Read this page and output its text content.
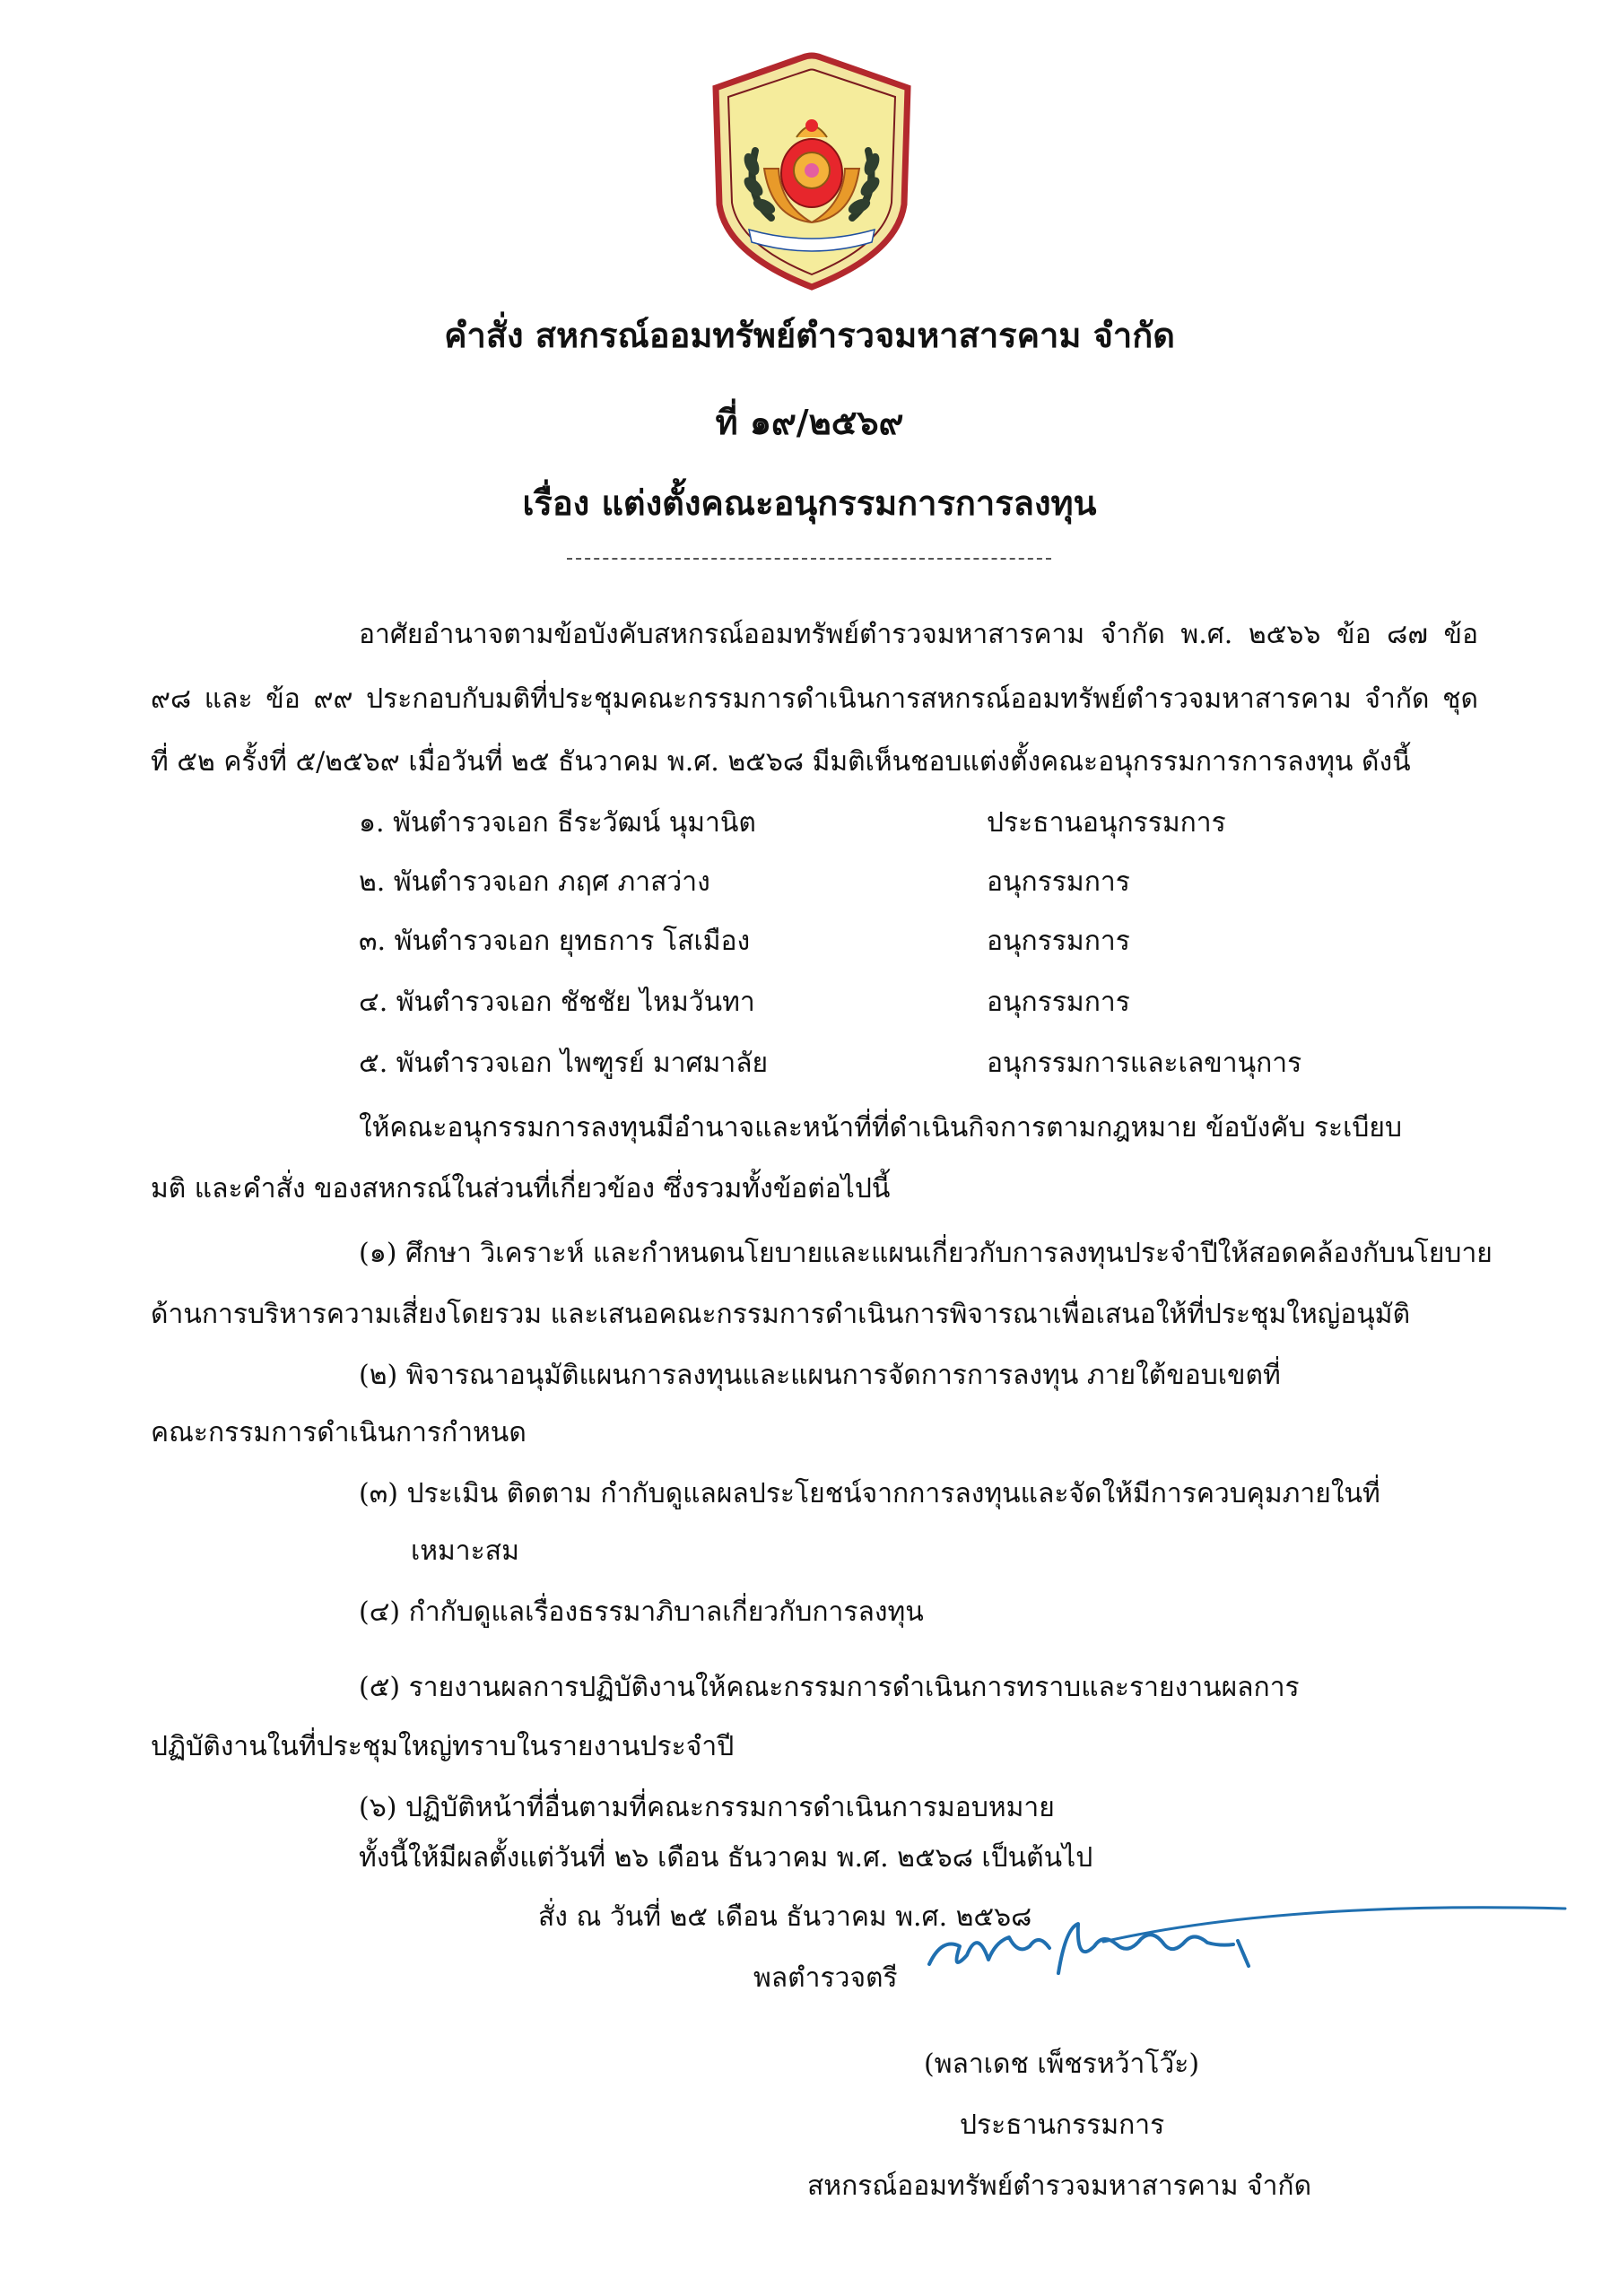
คำสั่ง สหกรณ์ออมทรัพย์ตำรวจมหาสารคาม จำกัด
ที่ ๑๙/๒๕๖๙
เรื่อง แต่งตั้งคณะอนุกรรมการการลงทุน
อาศัยอำนาจตามข้อบังคับสหกรณ์ออมทรัพย์ตำรวจมหาสารคาม จำกัด พ.ศ. ๒๕๖๖ ข้อ ๘๗ ข้อ
๙๘ และ ข้อ ๙๙ ประกอบกับมติที่ประชุมคณะกรรมการดำเนินการสหกรณ์ออมทรัพย์ตำรวจมหาสารคาม จำกัด ชุด
ที่ ๕๒ ครั้งที่ ๕/๒๕๖๙ เมื่อวันที่ ๒๕ ธันวาคม พ.ศ. ๒๕๖๘ มีมติเห็นชอบแต่งตั้งคณะอนุกรรมการการลงทุน ดังนี้
๑. พันตำรวจเอก ธีระวัฒน์ นุมานิต	ประธานอนุกรรมการ
๒. พันตำรวจเอก ภฤศ ภาสว่าง	อนุกรรมการ
๓. พันตำรวจเอก ยุทธการ โสเมือง	อนุกรรมการ
๔. พันตำรวจเอก ชัชชัย ไหมวันทา	อนุกรรมการ
๕. พันตำรวจเอก ไพฑูรย์ มาศมาลัย	อนุกรรมการและเลขานุการ
ให้คณะอนุกรรมการลงทุนมีอำนาจและหน้าที่ที่ดำเนินกิจการตามกฎหมาย ข้อบังคับ ระเบียบ
มติ และคำสั่ง ของสหกรณ์ในส่วนที่เกี่ยวข้อง ซึ่งรวมทั้งข้อต่อไปนี้
(๑) ศึกษา วิเคราะห์ และกำหนดนโยบายและแผนเกี่ยวกับการลงทุนประจำปีให้สอดคล้องกับนโยบาย
ด้านการบริหารความเสี่ยงโดยรวม และเสนอคณะกรรมการดำเนินการพิจารณาเพื่อเสนอให้ที่ประชุมใหญ่อนุมัติ
(๒) พิจารณาอนุมัติแผนการลงทุนและแผนการจัดการการลงทุน ภายใต้ขอบเขตที่
คณะกรรมการดำเนินการกำหนด
(๓) ประเมิน ติดตาม กำกับดูแลผลประโยชน์จากการลงทุนและจัดให้มีการควบคุมภายในที่
เหมาะสม
(๔) กำกับดูแลเรื่องธรรมาภิบาลเกี่ยวกับการลงทุน
(๕) รายงานผลการปฏิบัติงานให้คณะกรรมการดำเนินการทราบและรายงานผลการ
ปฏิบัติงานในที่ประชุมใหญ่ทราบในรายงานประจำปี
(๖) ปฏิบัติหน้าที่อื่นตามที่คณะกรรมการดำเนินการมอบหมาย
ทั้งนี้ให้มีผลตั้งแต่วันที่ ๒๖ เดือน ธันวาคม พ.ศ. ๒๕๖๘ เป็นต้นไป
สั่ง ณ วันที่ ๒๕ เดือน ธันวาคม พ.ศ. ๒๕๖๘
พลตำรวจตรี
(พลาเดช เพ็ชรหว้าโว๊ะ)
ประธานกรรมการ
สหกรณ์ออมทรัพย์ตำรวจมหาสารคาม จำกัด
